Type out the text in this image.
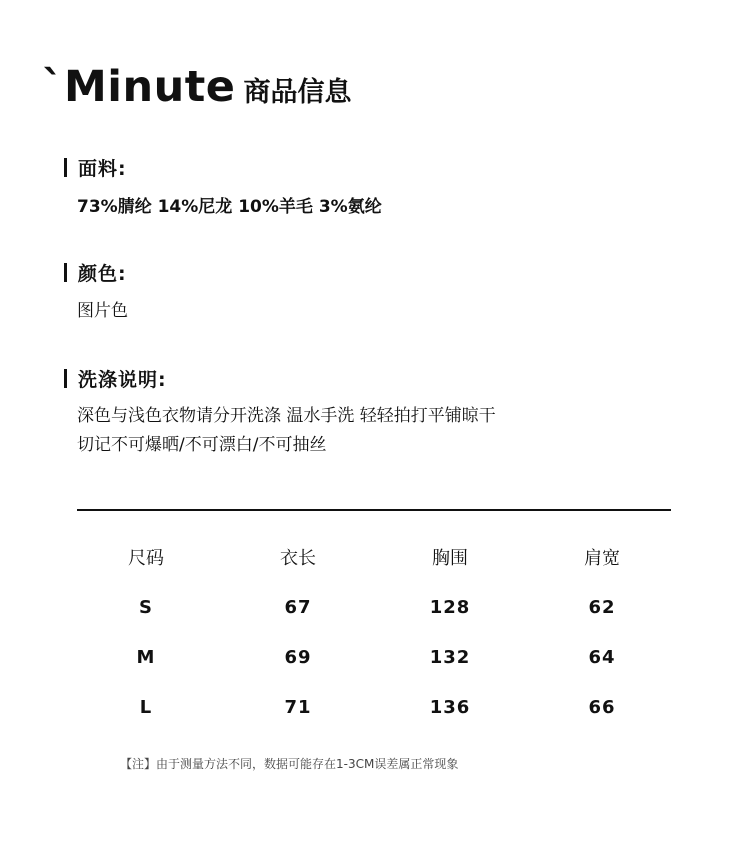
`Minute 商品信息
面料:
73%腈纶 14%尼龙 10%羊毛 3%氨纶
颜色:
图片色
洗涤说明:
深色与浅色衣物请分开洗涤 温水手洗 轻轻拍打平铺晾干
切记不可爆晒/不可漂白/不可抽丝
尺码	衣长	胸围	肩宽
S	67	128	62
M	69	132	64
L	71	136	66
【注】由于测量方法不同，数据可能存在1-3CM误差属正常现象
